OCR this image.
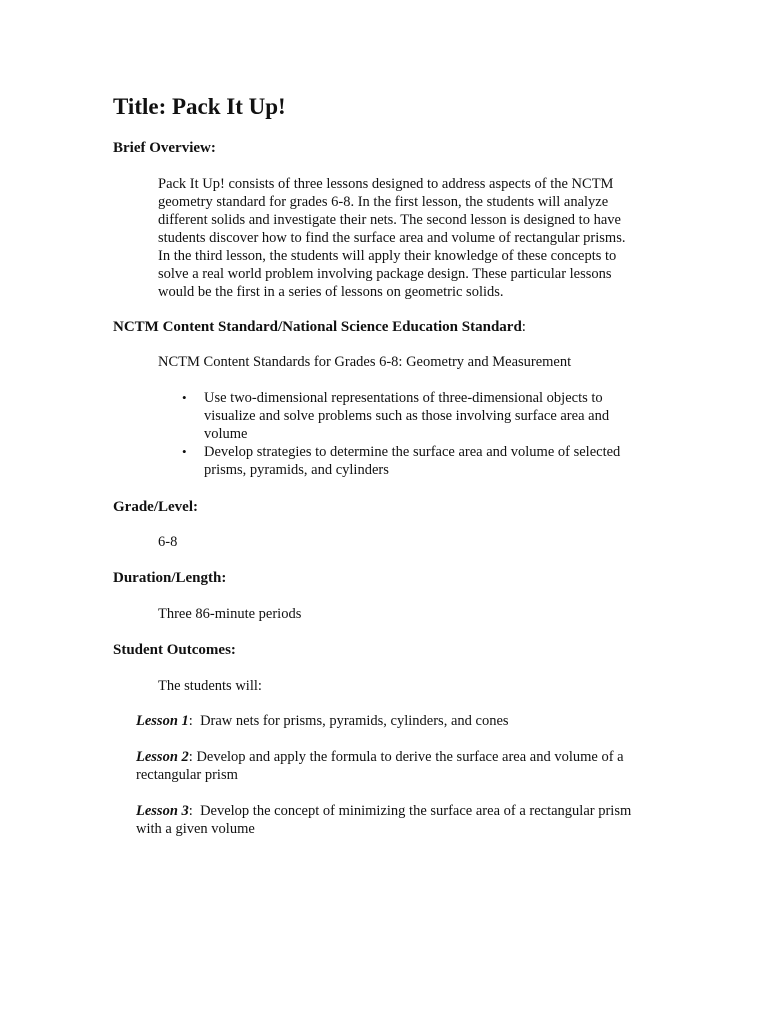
Title: Pack It Up!
Brief Overview:

Pack It Up! consists of three lessons designed to address aspects of the NCTM
geometry standard for grades 6-8. In the first lesson, the students will analyze
different solids and investigate their nets. The second lesson is designed to have
students discover how to find the surface area and volume of rectangular prisms.
In the third lesson, the students will apply their knowledge of these concepts to
solve a real world problem involving package design. These particular lessons
would be the first in a series of lessons on geometric solids.

NCTM Content Standard/National Science Education Standard:

NCTM Content Standards for Grades 6-8: Geometry and Measurement

• Use two-dimensional representations of three-dimensional objects to
visualize and solve problems such as those involving surface area and
volume
• Develop strategies to determine the surface area and volume of selected
prisms, pyramids, and cylinders
Grade/Level:

6-8

Duration/Length:

Three 86-minute periods

Student Outcomes:

The students will:

Lesson 1:  Draw nets for prisms, pyramids, cylinders, and cones

Lesson 2: Develop and apply the formula to derive the surface area and volume of a
rectangular prism

Lesson 3:  Develop the concept of minimizing the surface area of a rectangular prism
with a given volume
